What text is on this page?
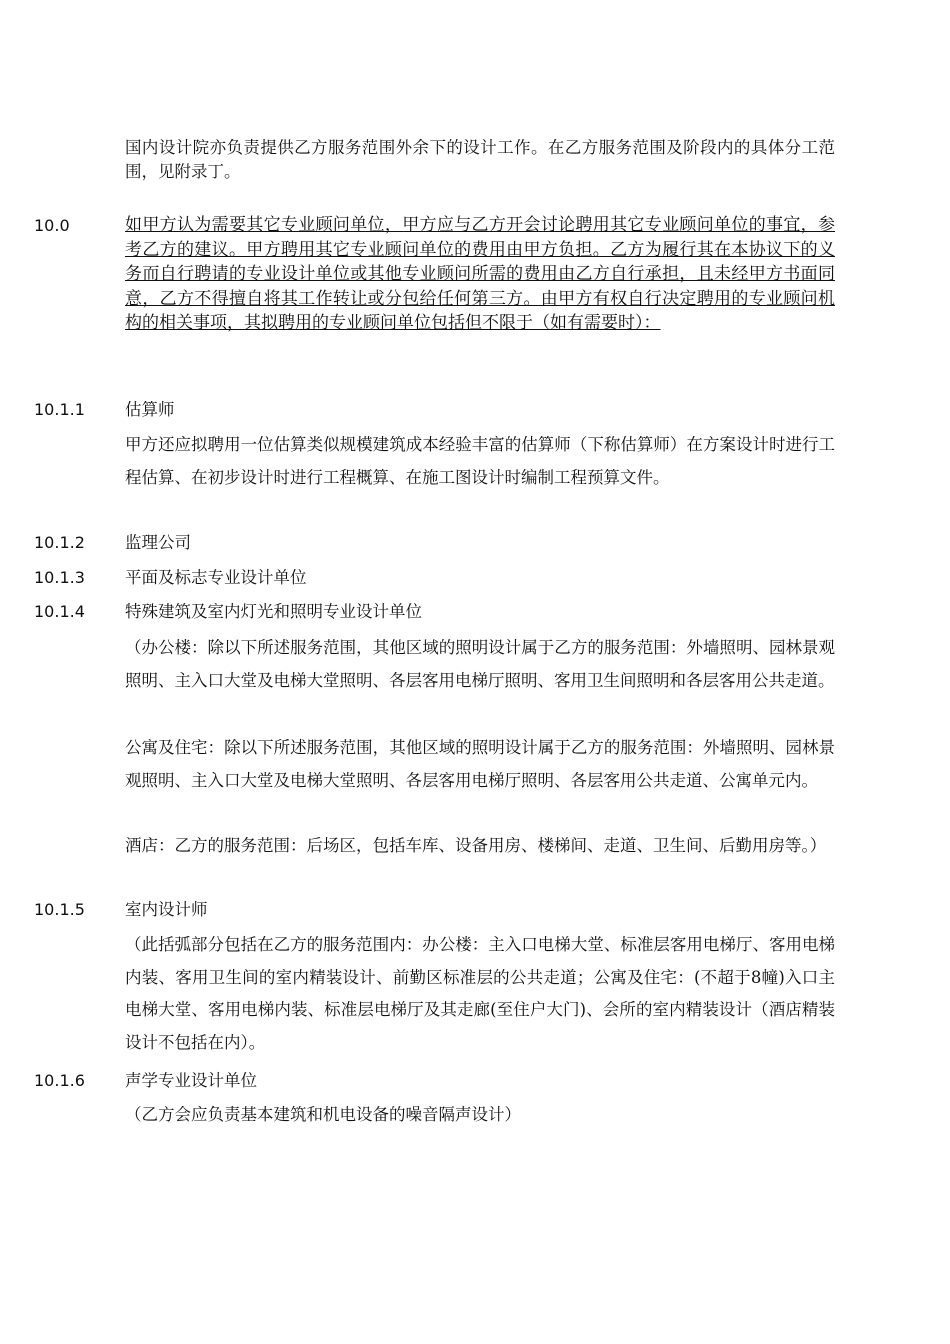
国内设计院亦负责提供乙方服务范围外余下的设计工作。在乙方服务范围及阶段内的具体分工范围，见附录丁。
10.0	如甲方认为需要其它专业顾问单位，甲方应与乙方开会讨论聘用其它专业顾问单位的事宜，参考乙方的建议。甲方聘用其它专业顾问单位的费用由甲方负担。乙方为履行其在本协议下的义务而自行聘请的专业设计单位或其他专业顾问所需的费用由乙方自行承担，且未经甲方书面同意，乙方不得擅自将其工作转让或分包给任何第三方。由甲方有权自行决定聘用的专业顾问机构的相关事项，其拟聘用的专业顾问单位包括但不限于（如有需要时）：
10.1.1	估算师
甲方还应拟聘用一位估算类似规模建筑成本经验丰富的估算师（下称估算师）在方案设计时进行工程估算、在初步设计时进行工程概算、在施工图设计时编制工程预算文件。
10.1.2	监理公司
10.1.3	平面及标志专业设计单位
10.1.4	特殊建筑及室内灯光和照明专业设计单位
（办公楼：除以下所述服务范围，其他区域的照明设计属于乙方的服务范围：外墙照明、园林景观照明、主入口大堂及电梯大堂照明、各层客用电梯厅照明、客用卫生间照明和各层客用公共走道。
公寓及住宅：除以下所述服务范围，其他区域的照明设计属于乙方的服务范围：外墙照明、园林景观照明、主入口大堂及电梯大堂照明、各层客用电梯厅照明、各层客用公共走道、公寓单元内。
酒店：乙方的服务范围：后场区，包括车库、设备用房、楼梯间、走道、卫生间、后勤用房等。）
10.1.5	室内设计师
（此括弧部分包括在乙方的服务范围内：办公楼：主入口电梯大堂、标准层客用电梯厅、客用电梯内装、客用卫生间的室内精装设计、前勤区标准层的公共走道；公寓及住宅：(不超于8幢)入口主电梯大堂、客用电梯内装、标准层电梯厅及其走廊(至住户大门)、会所的室内精装设计（酒店精装设计不包括在内）。
10.1.6	声学专业设计单位
（乙方会应负责基本建筑和机电设备的噪音隔声设计）
